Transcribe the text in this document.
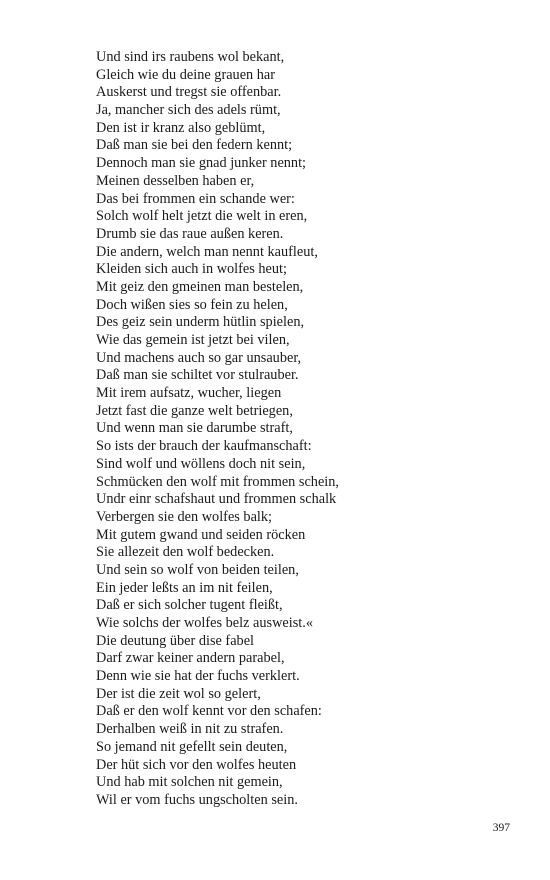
Und sind irs raubens wol bekant,
Gleich wie du deine grauen har
Auskerst und tregst sie offenbar.
Ja, mancher sich des adels rümt,
Den ist ir kranz also geblümt,
Daß man sie bei den federn kennt;
Dennoch man sie gnad junker nennt;
Meinen desselben haben er,
Das bei frommen ein schande wer:
Solch wolf helt jetzt die welt in eren,
Drumb sie das raue außen keren.
Die andern, welch man nennt kaufleut,
Kleiden sich auch in wolfes heut;
Mit geiz den gmeinen man bestelen,
Doch wißen sies so fein zu helen,
Des geiz sein underm hütlin spielen,
Wie das gemein ist jetzt bei vilen,
Und machens auch so gar unsauber,
Daß man sie schiltet vor stulrauber.
Mit irem aufsatz, wucher, liegen
Jetzt fast die ganze welt betriegen,
Und wenn man sie darumbe straft,
So ists der brauch der kaufmanschaft:
Sind wolf und wöllens doch nit sein,
Schmücken den wolf mit frommen schein,
Undr einr schafshaut und frommen schalk
Verbergen sie den wolfes balk;
Mit gutem gwand und seiden röcken
Sie allezeit den wolf bedecken.
Und sein so wolf von beiden teilen,
Ein jeder leßts an im nit feilen,
Daß er sich solcher tugent fleißt,
Wie solchs der wolfes belz ausweist.«
Die deutung über dise fabel
Darf zwar keiner andern parabel,
Denn wie sie hat der fuchs verklert.
Der ist die zeit wol so gelert,
Daß er den wolf kennt vor den schafen:
Derhalben weiß in nit zu strafen.
So jemand nit gefellt sein deuten,
Der hüt sich vor den wolfes heuten
Und hab mit solchen nit gemein,
Wil er vom fuchs ungscholten sein.
397
